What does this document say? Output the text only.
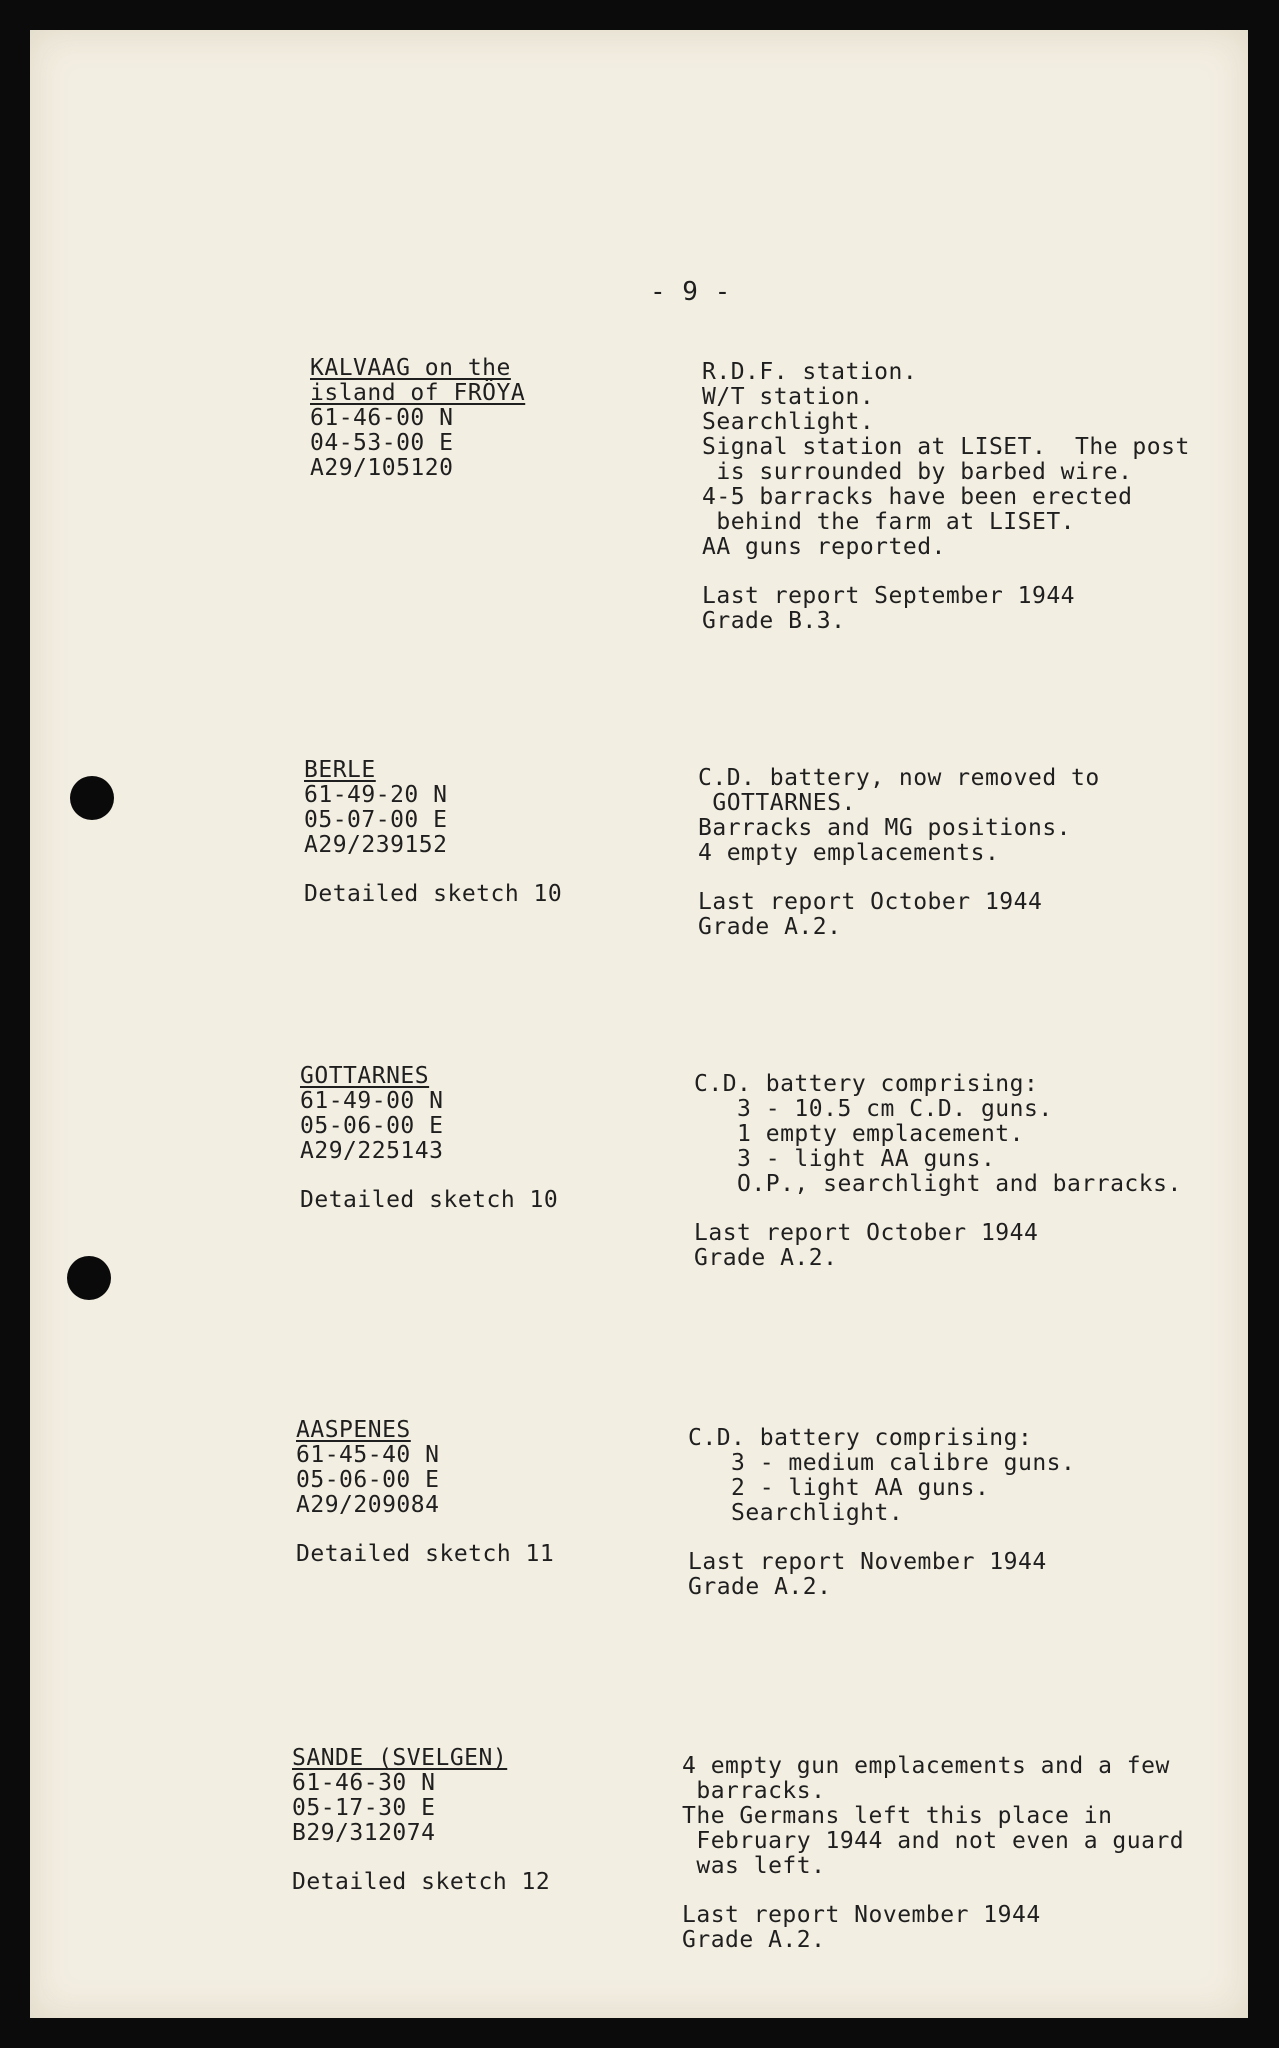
- 9 -
KALVAAG on the
island of FRÖYA
61-46-00 N
04-53-00 E
A29/105120
R.D.F. station.
W/T station.
Searchlight.
Signal station at LISET.  The post
is surrounded by barbed wire.
4-5 barracks have been erected
behind the farm at LISET.
AA guns reported.
Last report September 1944
Grade B.3.
BERLE
61-49-20 N
05-07-00 E
A29/239152
Detailed sketch 10
C.D. battery, now removed to
GOTTARNES.
Barracks and MG positions.
4 empty emplacements.
Last report October 1944
Grade A.2.
GOTTARNES
61-49-00 N
05-06-00 E
A29/225143
Detailed sketch 10
C.D. battery comprising:
3 - 10.5 cm C.D. guns.
1 empty emplacement.
3 - light AA guns.
O.P., searchlight and barracks.
Last report October 1944
Grade A.2.
AASPENES
61-45-40 N
05-06-00 E
A29/209084
Detailed sketch 11
C.D. battery comprising:
3 - medium calibre guns.
2 - light AA guns.
Searchlight.
Last report November 1944
Grade A.2.
SANDE (SVELGEN)
61-46-30 N
05-17-30 E
B29/312074
Detailed sketch 12
4 empty gun emplacements and a few
barracks.
The Germans left this place in
February 1944 and not even a guard
was left.
Last report November 1944
Grade A.2.
